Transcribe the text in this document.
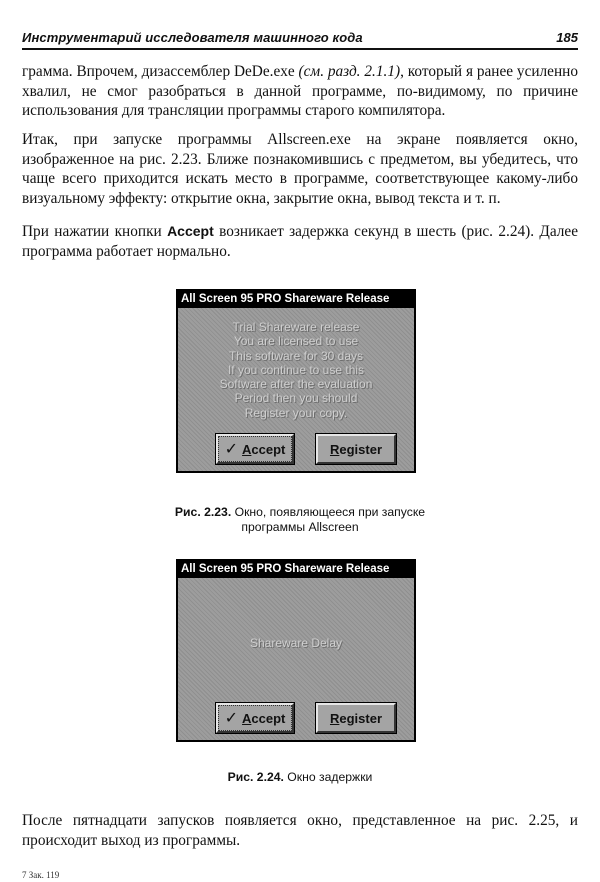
Инструментарий исследователя машинного кода	185

грамма. Впрочем, дизассемблер DeDe.exe (см. разд. 2.1.1), который я ранее усиленно хвалил, не смог разобраться в данной программе, по-видимому, по причине использования для трансляции программы старого компилятора.

Итак, при запуске программы Allscreen.exe на экране появляется окно, изображенное на рис. 2.23. Ближе познакомившись с предметом, вы убедитесь, что чаще всего приходится искать место в программе, соответствующее какому-либо визуальному эффекту: открытие окна, закрытие окна, вывод текста и т. п.

При нажатии кнопки Accept возникает задержка секунд в шесть (рис. 2.24). Далее программа работает нормально.

All Screen 95 PRO Shareware Release
Trial Shareware release
You are licensed to use
This software for 30 days
If you continue to use this
Software after the evaluation
Period then you should
Register your copy.
✓ Accept	Register
Рис. 2.23. Окно, появляющееся при запуске
программы Allscreen
All Screen 95 PRO Shareware Release
Shareware Delay
✓ Accept	Register
Рис. 2.24. Окно задержки

После пятнадцати запусков появляется окно, представленное на рис. 2.25, и происходит выход из программы.

7 Зак. 119
